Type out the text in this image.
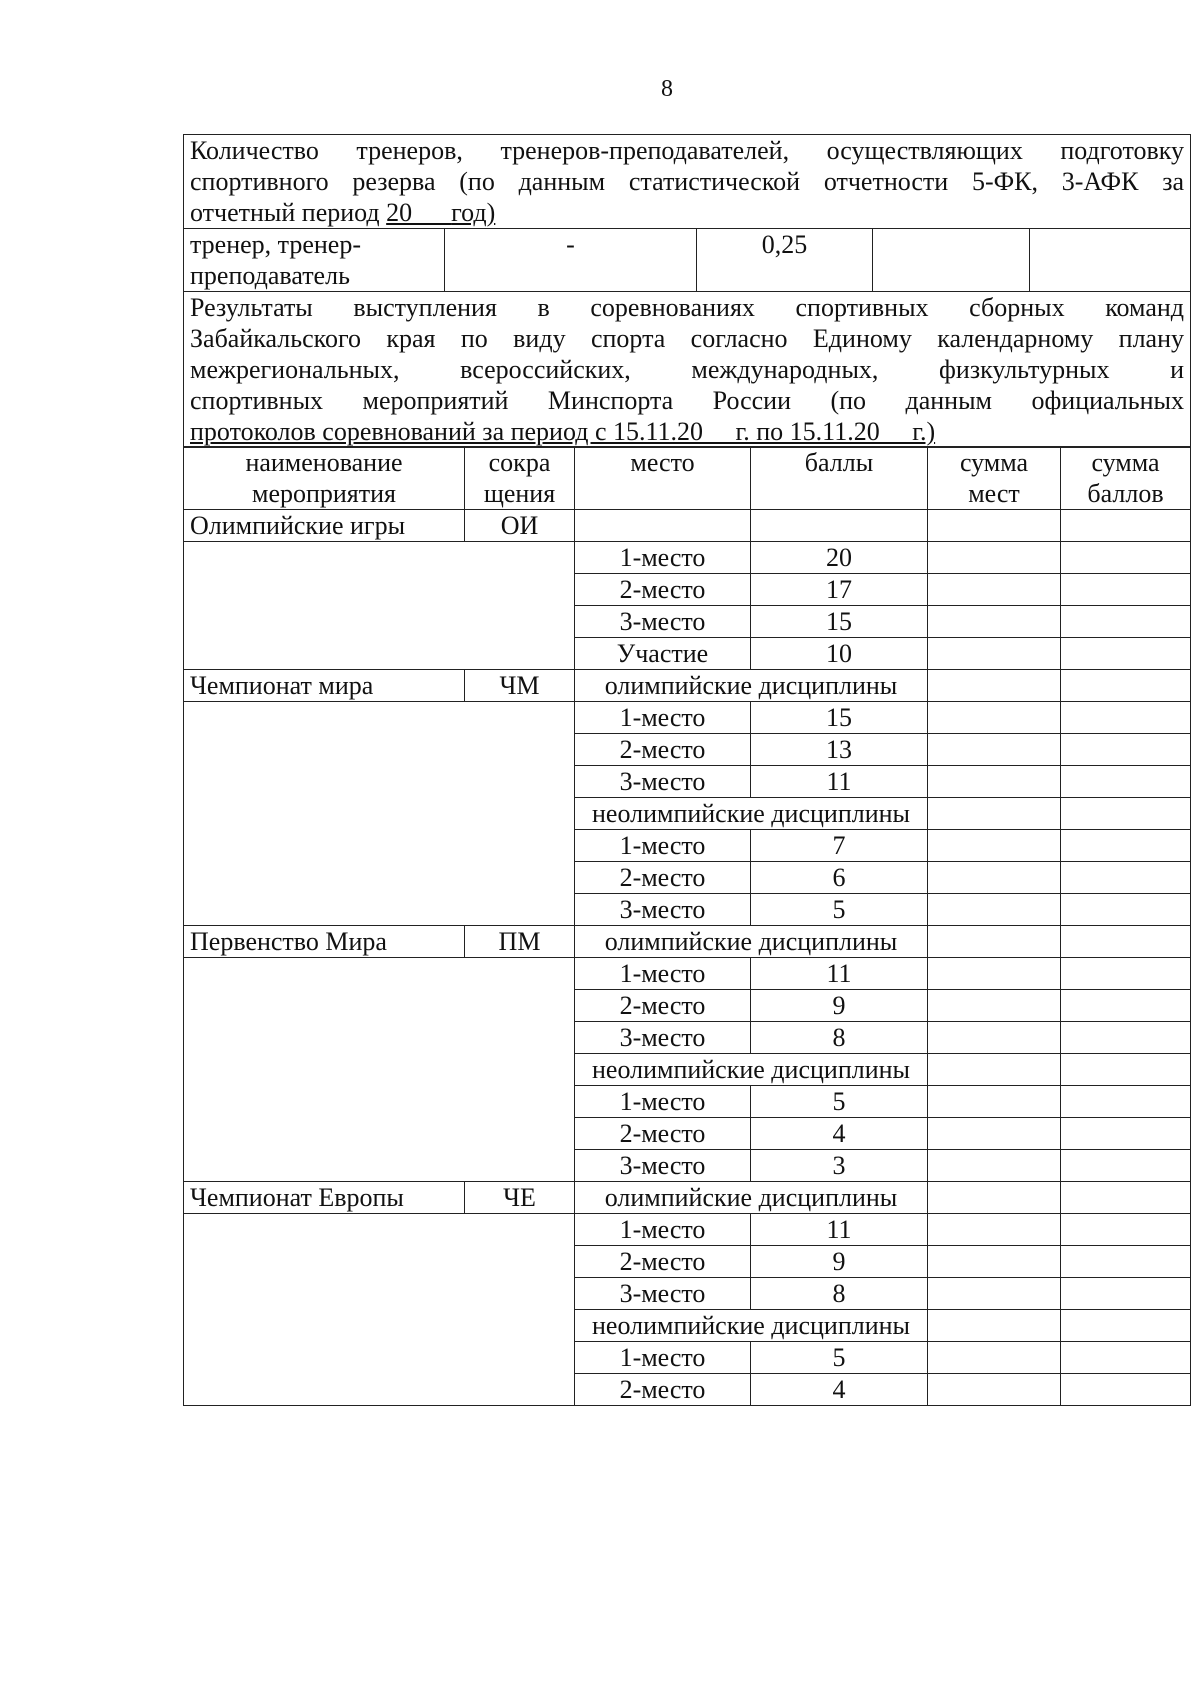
8
Количество тренеров, тренеров-преподавателей, осуществляющих подготовку
спортивного резерва (по данным статистической отчетности 5-ФК, 3-АФК за
отчетный период 20___год)

тренер, тренер-преподаватель	-	0,25		

Результаты выступления в соревнованиях спортивных сборных команд
Забайкальского края по виду спорта согласно Единому календарному плану
межрегиональных, всероссийских, международных, физкультурных и
спортивных мероприятий Минспорта России (по данным официальных
протоколов соревнований за период с 15.11.20__ г. по 15.11.20__ г.)
наименование мероприятия	сокра щения	место	баллы	сумма мест	сумма баллов
Олимпийские игры	ОИ				
		1-место	20		
		2-место	17		
		3-место	15		
		Участие	10		
Чемпионат мира	ЧМ	олимпийские дисциплины			
		1-место	15		
		2-место	13		
		3-место	11		
		неолимпийские дисциплины			
		1-место	7		
		2-место	6		
		3-место	5		
Первенство Мира	ПМ	олимпийские дисциплины			
		1-место	11		
		2-место	9		
		3-место	8		
		неолимпийские дисциплины			
		1-место	5		
		2-место	4		
		3-место	3		
Чемпионат Европы	ЧЕ	олимпийские дисциплины			
		1-место	11		
		2-место	9		
		3-место	8		
		неолимпийские дисциплины			
		1-место	5		
		2-место	4		
